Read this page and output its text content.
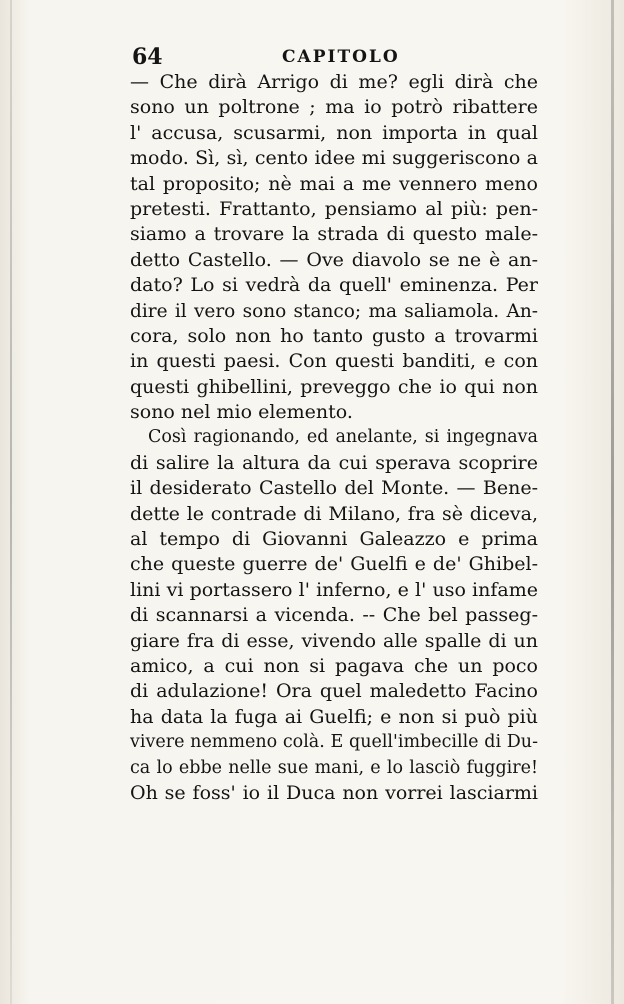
64	CAPITOLO
— Che dirà Arrigo di me? egli dirà che
sono un poltrone ; ma io potrò ribattere
l' accusa, scusarmi, non importa in qual
modo. Sì, sì, cento idee mi suggeriscono a
tal proposito; nè mai a me vennero meno
pretesti. Frattanto, pensiamo al più: pen-
siamo a trovare la strada di questo male-
detto Castello. — Ove diavolo se ne è an-
dato? Lo si vedrà da quell' eminenza. Per
dire il vero sono stanco; ma saliamola. An-
cora, solo non ho tanto gusto a trovarmi
in questi paesi. Con questi banditi, e con
questi ghibellini, preveggo che io qui non
sono nel mio elemento.
Così ragionando, ed anelante, si ingegnava
di salire la altura da cui sperava scoprire
il desiderato Castello del Monte. — Bene-
dette le contrade di Milano, fra sè diceva,
al tempo di Giovanni Galeazzo e prima
che queste guerre de' Guelfi e de' Ghibel-
lini vi portassero l' inferno, e l' uso infame
di scannarsi a vicenda. -- Che bel passeg-
giare fra di esse, vivendo alle spalle di un
amico, a cui non si pagava che un poco
di adulazione! Ora quel maledetto Facino
ha data la fuga ai Guelfi; e non si può più
vivere nemmeno colà. E quell'imbecille di Du-
ca lo ebbe nelle sue mani, e lo lasciò fuggire!
Oh se foss' io il Duca non vorrei lasciarmi
